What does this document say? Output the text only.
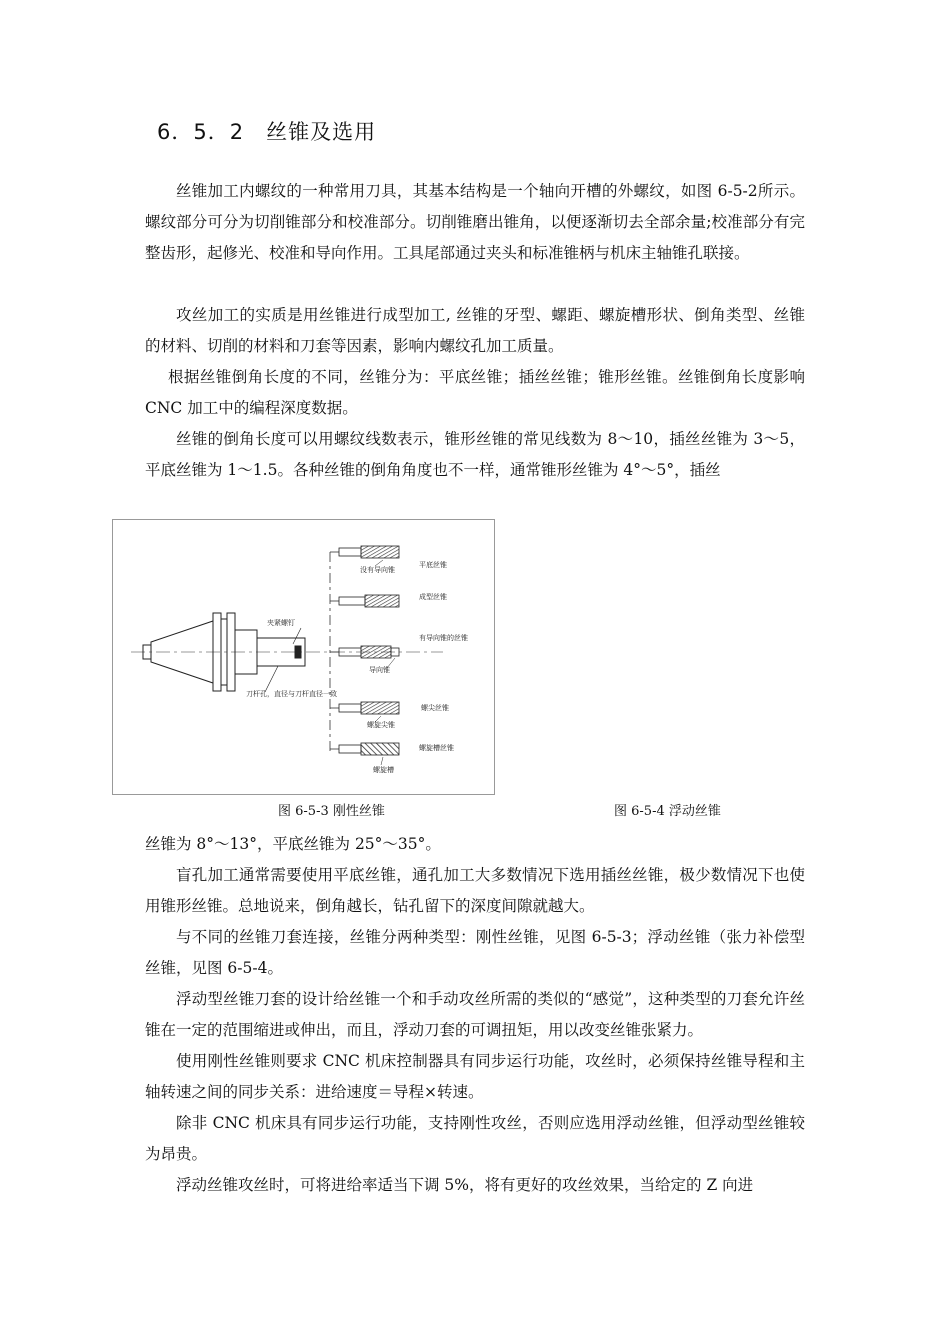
6．5．2 丝锥及选用
丝锥加工内螺纹的一种常用刀具，其基本结构是一个轴向开槽的外螺纹，如图 6-5-2所示。螺纹部分可分为切削锥部分和校准部分。切削锥磨出锥角，以便逐渐切去全部余量;校准部分有完整齿形，起修光、校准和导向作用。工具尾部通过夹头和标准锥柄与机床主轴锥孔联接。
攻丝加工的实质是用丝锥进行成型加工, 丝锥的牙型、螺距、螺旋槽形状、倒角类型、丝锥的材料、切削的材料和刀套等因素，影响内螺纹孔加工质量。
根据丝锥倒角长度的不同，丝锥分为：平底丝锥；插丝丝锥；锥形丝锥。丝锥倒角长度影响 CNC 加工中的编程深度数据。
丝锥的倒角长度可以用螺纹线数表示，锥形丝锥的常见线数为 8～10，插丝丝锥为 3～5，平底丝锥为 1～1.5。各种丝锥的倒角角度也不一样，通常锥形丝锥为 4°～5°，插丝
夹紧螺钉
刀杆孔，直径与刀杆直径一致
没有导向锥
平底丝锥
成型丝锥
导向锥
有导向锥的丝锥
螺旋尖锥
螺尖丝锥
螺旋槽
螺旋槽丝锥
图 6-5-3 刚性丝锥	图 6-5-4 浮动丝锥
丝锥为 8°～13°，平底丝锥为 25°～35°。
盲孔加工通常需要使用平底丝锥，通孔加工大多数情况下选用插丝丝锥，极少数情况下也使用锥形丝锥。总地说来，倒角越长，钻孔留下的深度间隙就越大。
与不同的丝锥刀套连接，丝锥分两种类型：刚性丝锥，见图 6-5-3；浮动丝锥（张力补偿型丝锥，见图 6-5-4。
浮动型丝锥刀套的设计给丝锥一个和手动攻丝所需的类似的“感觉”，这种类型的刀套允许丝锥在一定的范围缩进或伸出，而且，浮动刀套的可调扭矩，用以改变丝锥张紧力。
使用刚性丝锥则要求 CNC 机床控制器具有同步运行功能，攻丝时，必须保持丝锥导程和主轴转速之间的同步关系：进给速度＝导程×转速。
除非 CNC 机床具有同步运行功能，支持刚性攻丝，否则应选用浮动丝锥，但浮动型丝锥较为昂贵。
浮动丝锥攻丝时，可将进给率适当下调 5%，将有更好的攻丝效果，当给定的 Z 向进
